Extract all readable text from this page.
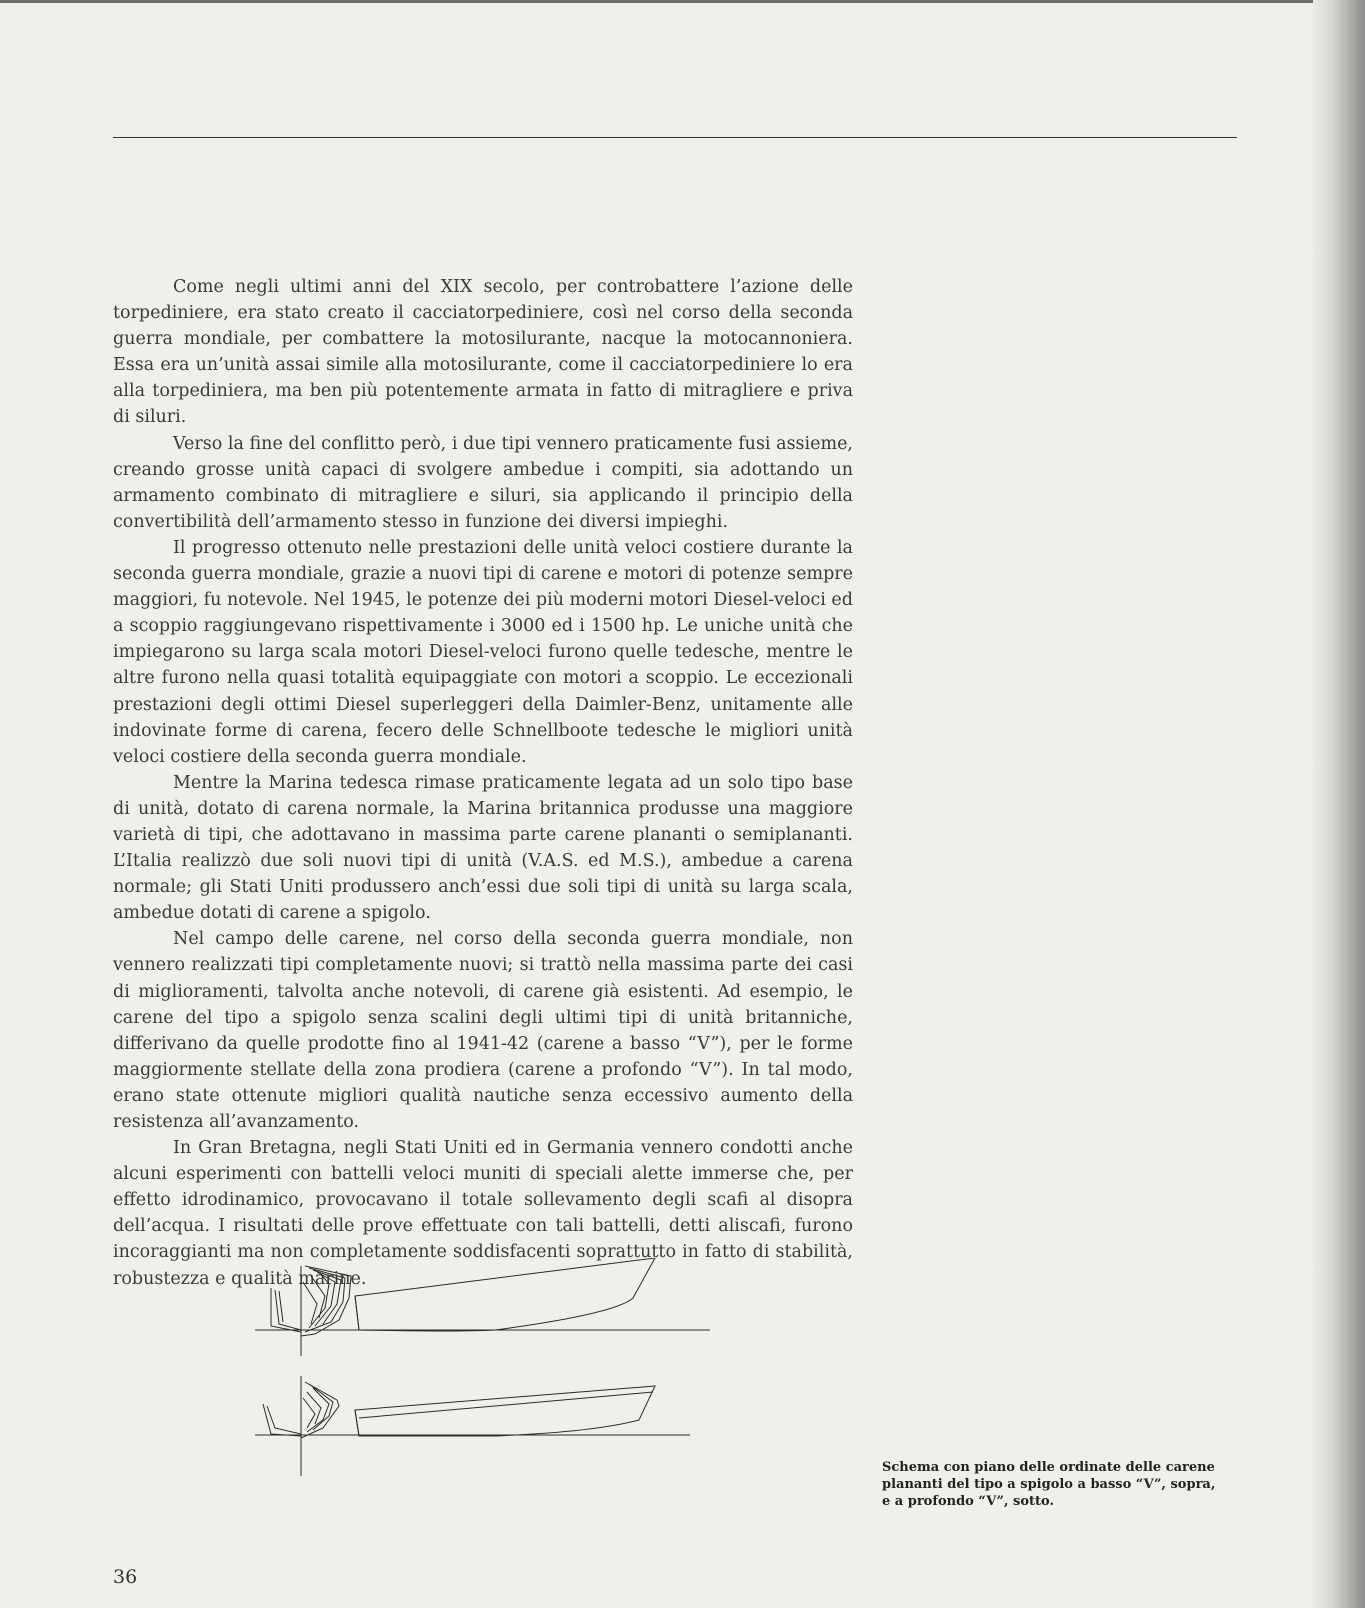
Come negli ultimi anni del XIX secolo, per controbattere l’azione delle torpediniere, era stato creato il cacciatorpediniere, così nel corso della seconda guerra mondiale, per combattere la motosilurante, nacque la motocannoniera. Essa era un’unità assai simile alla motosilurante, come il cacciatorpediniere lo era alla torpediniera, ma ben più potentemente armata in fatto di mitragliere e priva di siluri.

Verso la fine del conflitto però, i due tipi vennero praticamente fusi assieme, creando grosse unità capaci di svolgere ambedue i compiti, sia adottando un armamento combinato di mitragliere e siluri, sia applicando il principio della convertibilità dell’armamento stesso in funzione dei diversi impieghi.

Il progresso ottenuto nelle prestazioni delle unità veloci costiere durante la seconda guerra mondiale, grazie a nuovi tipi di carene e motori di potenze sempre maggiori, fu notevole. Nel 1945, le potenze dei più moderni motori Diesel-veloci ed a scoppio raggiungevano rispettivamente i 3000 ed i 1500 hp. Le uniche unità che impiegarono su larga scala motori Diesel-veloci furono quelle tedesche, mentre le altre furono nella quasi totalità equipaggiate con motori a scoppio. Le eccezionali prestazioni degli ottimi Diesel superleggeri della Daimler-Benz, unitamente alle indovinate forme di carena, fecero delle Schnellboote tedesche le migliori unità veloci costiere della seconda guerra mondiale.

Mentre la Marina tedesca rimase praticamente legata ad un solo tipo base di unità, dotato di carena normale, la Marina britannica produsse una maggiore varietà di tipi, che adottavano in massima parte carene plananti o semiplananti. L’Italia realizzò due soli nuovi tipi di unità (V.A.S. ed M.S.), ambedue a carena normale; gli Stati Uniti produssero anch’essi due soli tipi di unità su larga scala, ambedue dotati di carene a spigolo.

Nel campo delle carene, nel corso della seconda guerra mondiale, non vennero realizzati tipi completamente nuovi; si trattò nella massima parte dei casi di miglioramenti, talvolta anche notevoli, di carene già esistenti. Ad esempio, le carene del tipo a spigolo senza scalini degli ultimi tipi di unità britanniche, differivano da quelle prodotte fino al 1941-42 (carene a basso “V”), per le forme maggiormente stellate della zona prodiera (carene a profondo “V”). In tal modo, erano state ottenute migliori qualità nautiche senza eccessivo aumento della resistenza all’avanzamento.

In Gran Bretagna, negli Stati Uniti ed in Germania vennero condotti anche alcuni esperimenti con battelli veloci muniti di speciali alette immerse che, per effetto idrodinamico, provocavano il totale sollevamento degli scafi al disopra dell’acqua. I risultati delle prove effettuate con tali battelli, detti aliscafi, furono incoraggianti ma non completamente soddisfacenti soprattutto in fatto di stabilità, robustezza e qualità marine.

Schema con piano delle ordinate delle carene plananti del tipo a spigolo a basso “V”, sopra, e a profondo “V”, sotto.
36
